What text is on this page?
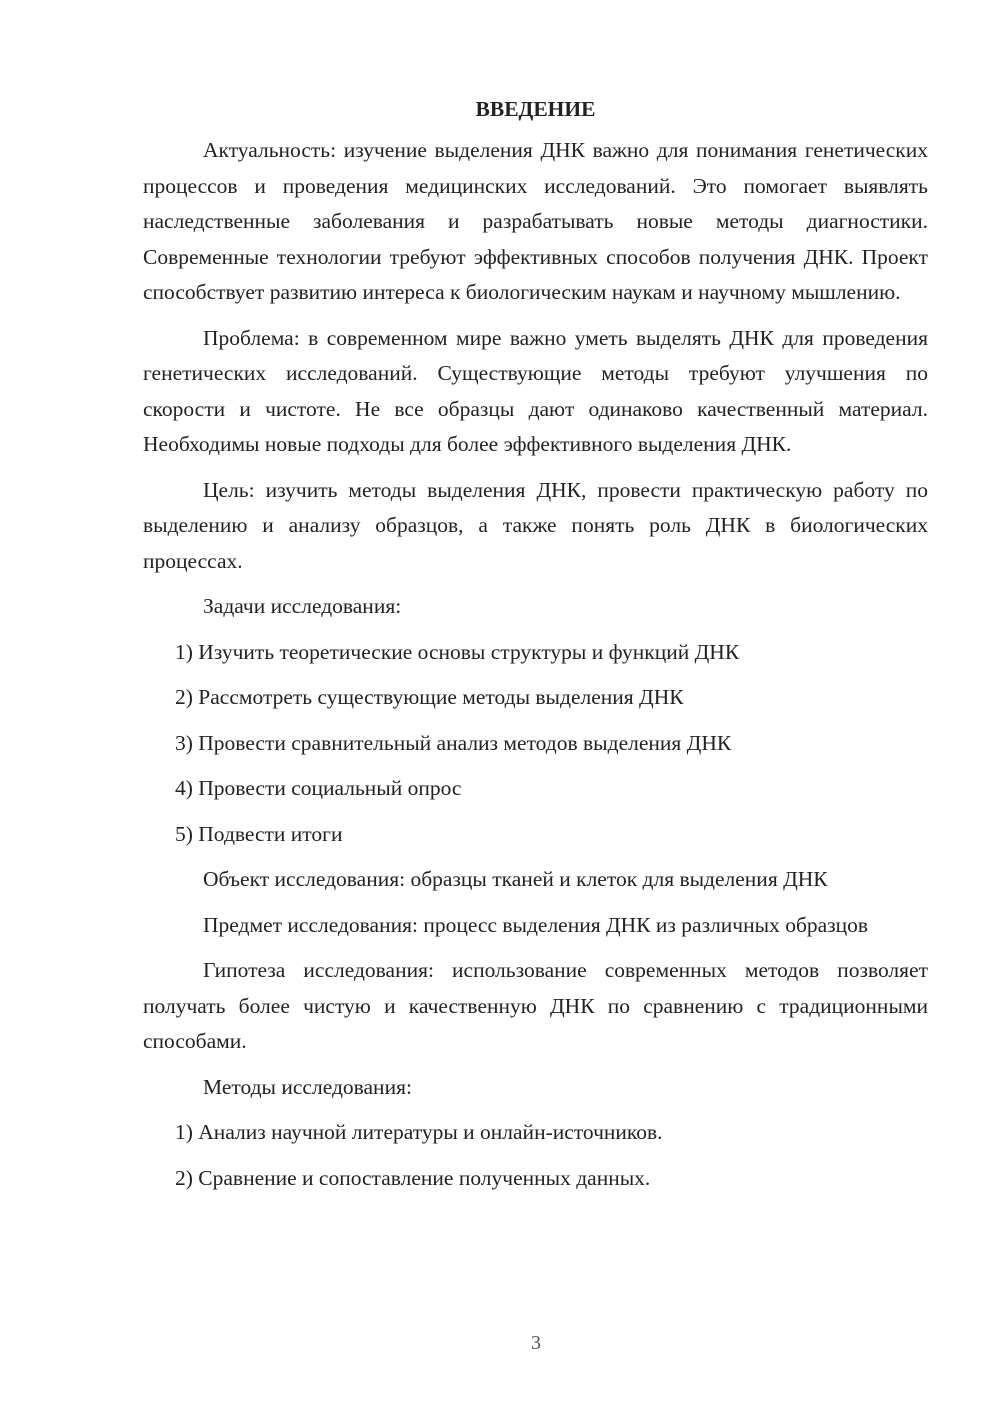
ВВЕДЕНИЕ

Актуальность: изучение выделения ДНК важно для понимания генетических процессов и проведения медицинских исследований. Это помогает выявлять наследственные заболевания и разрабатывать новые методы диагностики. Современные технологии требуют эффективных способов получения ДНК. Проект способствует развитию интереса к биологическим наукам и научному мышлению.

Проблема: в современном мире важно уметь выделять ДНК для проведения генетических исследований. Существующие методы требуют улучшения по скорости и чистоте. Не все образцы дают одинаково качественный материал. Необходимы новые подходы для более эффективного выделения ДНК.

Цель: изучить методы выделения ДНК, провести практическую работу по выделению и анализу образцов, а также понять роль ДНК в биологических процессах.

Задачи исследования:

1) Изучить теоретические основы структуры и функций ДНК

2) Рассмотреть существующие методы выделения ДНК

3) Провести сравнительный анализ методов выделения ДНК

4) Провести социальный опрос

5) Подвести итоги

Объект исследования: образцы тканей и клеток для выделения ДНК

Предмет исследования: процесс выделения ДНК из различных образцов

Гипотеза исследования: использование современных методов позволяет получать более чистую и качественную ДНК по сравнению с традиционными способами.

Методы исследования:

1) Анализ научной литературы и онлайн-источников.

2) Сравнение и сопоставление полученных данных.

3
